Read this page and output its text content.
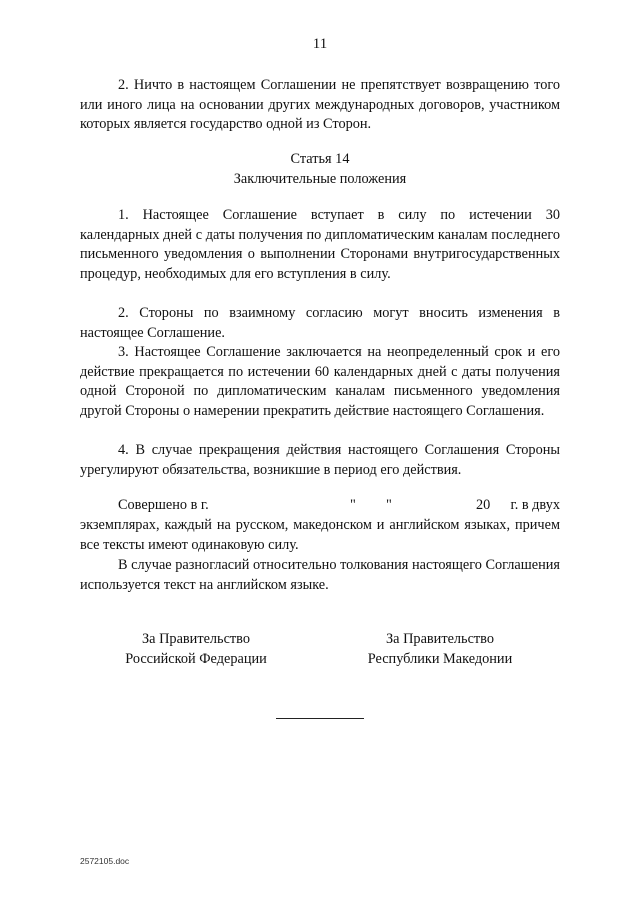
11
2. Ничто в настоящем Соглашении не препятствует возвращению того или иного лица на основании других международных договоров, участником которых является государство одной из Сторон.
Статья 14
Заключительные положения
1. Настоящее Соглашение вступает в силу по истечении 30 календарных дней с даты получения по дипломатическим каналам последнего письменного уведомления о выполнении Сторонами внутригосударственных процедур, необходимых для его вступления в силу.
2. Стороны по взаимному согласию могут вносить изменения в настоящее Соглашение.
3. Настоящее Соглашение заключается на неопределенный срок и его действие прекращается по истечении 60 календарных дней с даты получения одной Стороной по дипломатическим каналам письменного уведомления другой Стороны о намерении прекратить действие настоящего Соглашения.
4. В случае прекращения действия настоящего Соглашения Стороны урегулируют обязательства, возникшие в период его действия.
Совершено в г.	" "	20 г. в двух
экземплярах, каждый на русском, македонском и английском языках, причем все тексты имеют одинаковую силу.
В случае разногласий относительно толкования настоящего Соглашения используется текст на английском языке.
За Правительство
Российской Федерации
За Правительство
Республики Македонии
2572105.doc
